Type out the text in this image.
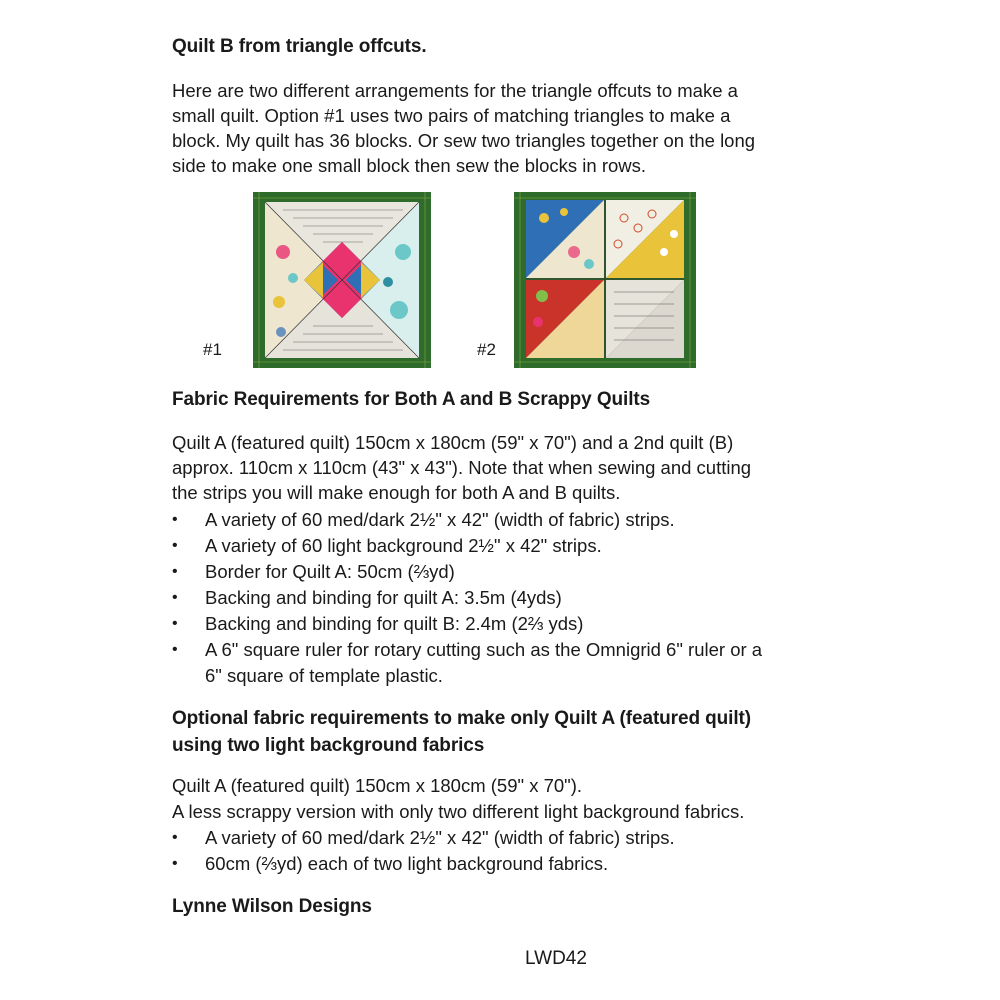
Quilt B from triangle offcuts.
Here are two different arrangements for the triangle offcuts to make a
small quilt. Option #1 uses two pairs of matching triangles to make a
block. My quilt has 36 blocks. Or sew two triangles together on the long
side to make one small block then sew the blocks in rows.
#1	#2
Fabric Requirements for Both A and B Scrappy Quilts
Quilt A (featured quilt) 150cm x 180cm (59" x 70") and a 2nd quilt (B)
approx. 110cm x 110cm (43" x 43"). Note that when sewing and cutting
the strips you will make enough for both A and B quilts.
• A variety of 60 med/dark 2½" x 42" (width of fabric) strips.
• A variety of 60 light background 2½" x 42" strips.
• Border for Quilt A: 50cm (⅔yd)
• Backing and binding for quilt A: 3.5m (4yds)
• Backing and binding for quilt B: 2.4m (2⅔ yds)
• A 6" square ruler for rotary cutting such as the Omnigrid 6" ruler or a
6" square of template plastic.
Optional fabric requirements to make only Quilt A (featured quilt)
using two light background fabrics
Quilt A (featured quilt) 150cm x 180cm (59" x 70").
A less scrappy version with only two different light background fabrics.
• A variety of 60 med/dark 2½" x 42" (width of fabric) strips.
• 60cm (⅔yd) each of two light background fabrics.
Lynne Wilson Designs
LWD42
